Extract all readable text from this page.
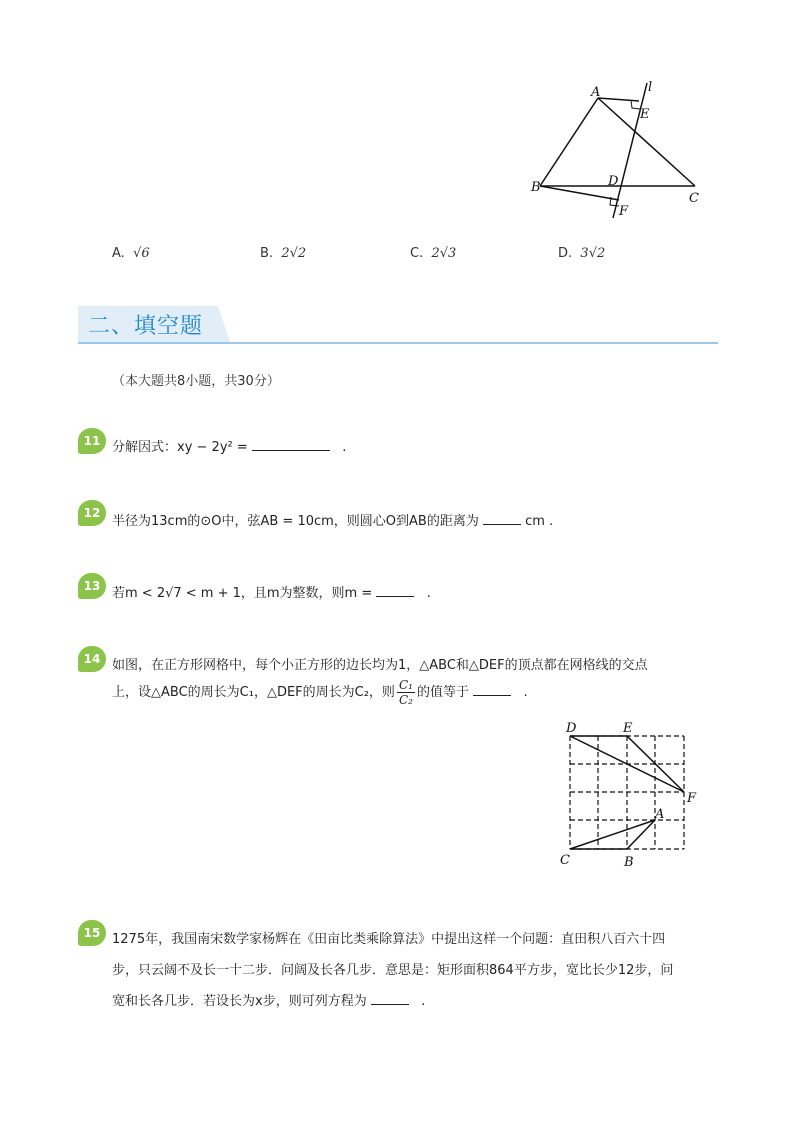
A	l
E
B	D
C
F
A. √6	B. 2√2	C. 2√3	D. 3√2
二、填空题
（本大题共8小题，共30分）
11 分解因式：xy − 2y² =	.
12
半径为13cm的⊙O中，弦AB = 10cm，则圆心O到AB的距离为	cm .
13 若m < 2√7 < m + 1，且m为整数，则m =	.
14 如图，在正方形网格中，每个小正方形的边长均为1，△ABC和△DEF的顶点都在网格线的交点
上，设△ABC的周长为C₁，△DEF的周长为C₂，则 $\frac{\text{C₁}}{\text{C₂}}$ 的值等于	.
D	E
F
A
C	B
15 1275年，我国南宋数学家杨辉在《田亩比类乘除算法》中提出这样一个问题：直田积八百六十四
步，只云阔不及长一十二步．问阔及长各几步．意思是：矩形面积864平方步，宽比长少12步，问
宽和长各几步．若设长为x步，则可列方程为	.
